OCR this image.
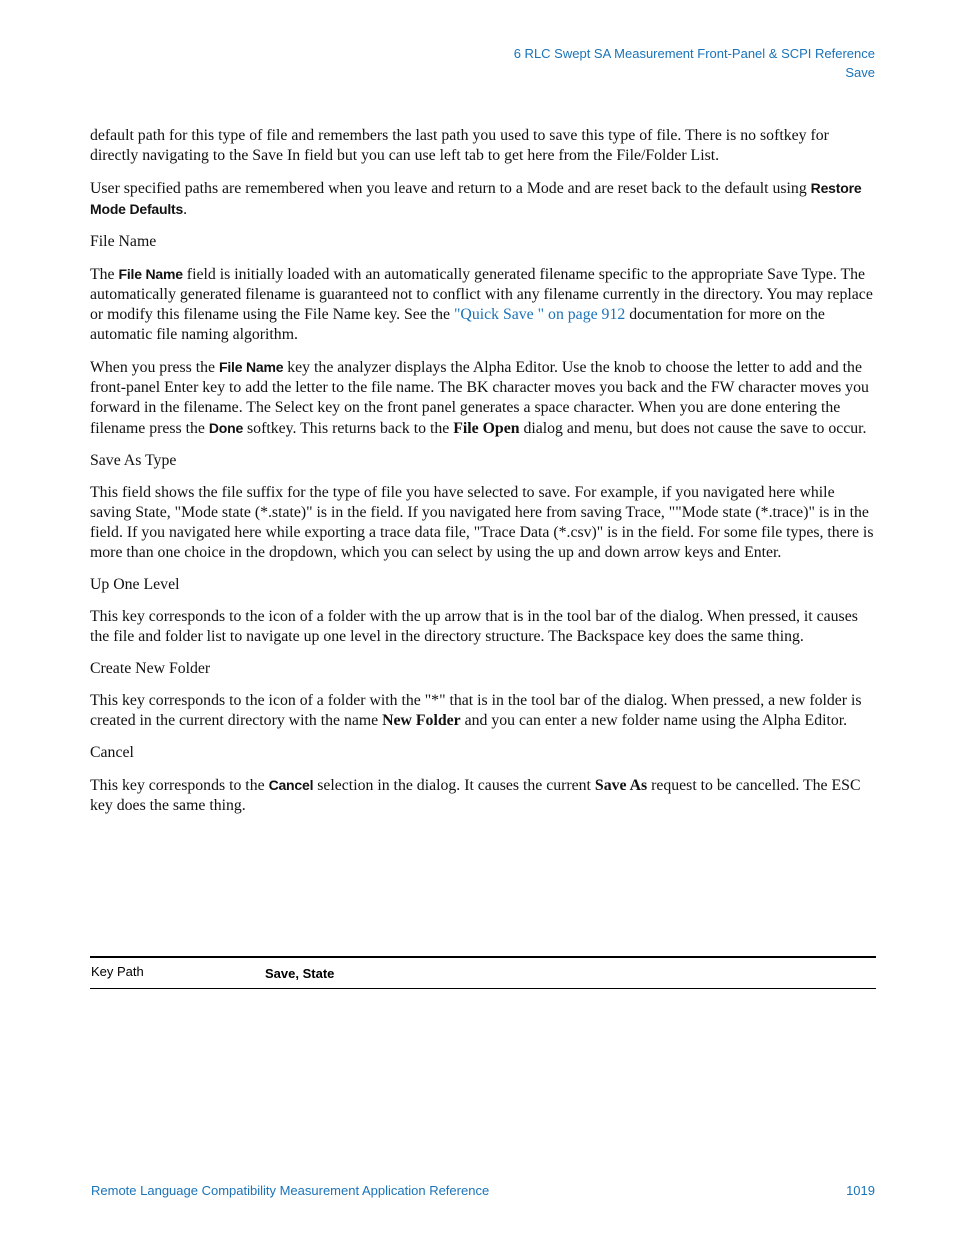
6 RLC Swept SA Measurement Front-Panel & SCPI Reference
Save

default path for this type of file and remembers the last path you used to save this type of file. There is no softkey for directly navigating to the Save In field but you can use left tab to get here from the File/Folder List.

User specified paths are remembered when you leave and return to a Mode and are reset back to the default using Restore Mode Defaults.

File Name

The File Name field is initially loaded with an automatically generated filename specific to the appropriate Save Type. The automatically generated filename is guaranteed not to conflict with any filename currently in the directory. You may replace or modify this filename using the File Name key. See the "Quick Save " on page 912 documentation for more on the automatic file naming algorithm.

When you press the File Name key the analyzer displays the Alpha Editor. Use the knob to choose the letter to add and the front-panel Enter key to add the letter to the file name. The BK character moves you back and the FW character moves you forward in the filename. The Select key on the front panel generates a space character. When you are done entering the filename press the Done softkey. This returns back to the File Open dialog and menu, but does not cause the save to occur.

Save As Type

This field shows the file suffix for the type of file you have selected to save. For example, if you navigated here while saving State, "Mode state (*.state)" is in the field. If you navigated here from saving Trace, ""Mode state (*.trace)" is in the field. If you navigated here while exporting a trace data file, "Trace Data (*.csv)" is in the field. For some file types, there is more than one choice in the dropdown, which you can select by using the up and down arrow keys and Enter.

Up One Level

This key corresponds to the icon of a folder with the up arrow that is in the tool bar of the dialog. When pressed, it causes the file and folder list to navigate up one level in the directory structure. The Backspace key does the same thing.

Create New Folder

This key corresponds to the icon of a folder with the "*" that is in the tool bar of the dialog. When pressed, a new folder is created in the current directory with the name New Folder and you can enter a new folder name using the Alpha Editor.

Cancel

This key corresponds to the Cancel selection in the dialog. It causes the current Save As request to be cancelled. The ESC key does the same thing.

Key Path	Save, State
Remote Language Compatibility Measurement Application Reference	1019
